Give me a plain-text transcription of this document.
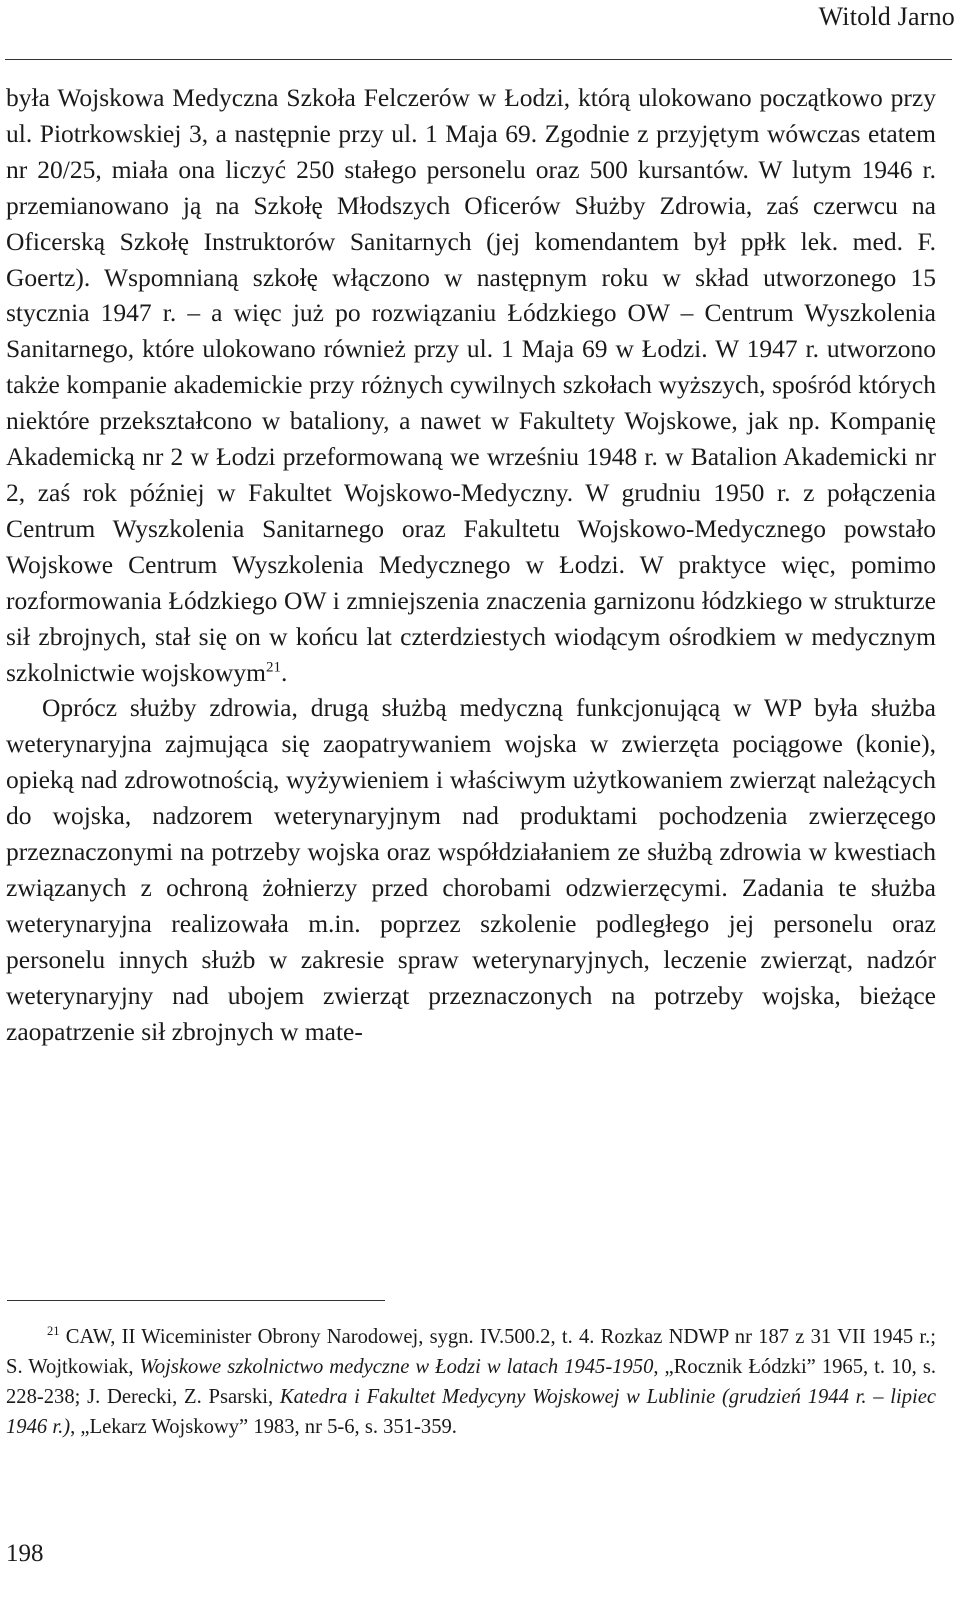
Witold Jarno

była Wojskowa Medyczna Szkoła Felczerów w Łodzi, którą ulokowano początkowo przy ul. Piotrkowskiej 3, a następnie przy ul. 1 Maja 69. Zgodnie z przyjętym wówczas etatem nr 20/25, miała ona liczyć 250 stałego personelu oraz 500 kursantów. W lutym 1946 r. przemianowano ją na Szkołę Młodszych Oficerów Służby Zdrowia, zaś czerwcu na Oficerską Szkołę Instruktorów Sanitarnych (jej komendantem był ppłk lek. med. F. Goertz). Wspomnianą szkołę włączono w następnym roku w skład utworzonego 15 stycznia 1947 r. – a więc już po rozwiązaniu Łódzkiego OW – Centrum Wyszkolenia Sanitarnego, które ulokowano również przy ul. 1 Maja 69 w Łodzi. W 1947 r. utworzono także kompanie akademickie przy różnych cywilnych szkołach wyższych, spośród których niektóre przekształcono w bataliony, a nawet w Fakultety Wojskowe, jak np. Kompanię Akademicką nr 2 w Łodzi przeformowaną we wrześniu 1948 r. w Batalion Akademicki nr 2, zaś rok później w Fakultet Wojskowo-Medyczny. W grudniu 1950 r. z połączenia Centrum Wyszkolenia Sanitarnego oraz Fakultetu Wojskowo-Medycznego powstało Wojskowe Centrum Wyszkolenia Medycznego w Łodzi. W praktyce więc, pomimo rozformowania Łódzkiego OW i zmniejszenia znaczenia garnizonu łódzkiego w strukturze sił zbrojnych, stał się on w końcu lat czterdziestych wiodącym ośrodkiem w medycznym szkolnictwie wojskowym$^{21}$.

Oprócz służby zdrowia, drugą służbą medyczną funkcjonującą w WP była służba weterynaryjna zajmująca się zaopatrywaniem wojska w zwierzęta pociągowe (konie), opieką nad zdrowotnością, wyżywieniem i właściwym użytkowaniem zwierząt należących do wojska, nadzorem weterynaryjnym nad produktami pochodzenia zwierzęcego przeznaczonymi na potrzeby wojska oraz współdziałaniem ze służbą zdrowia w kwestiach związanych z ochroną żołnierzy przed chorobami odzwierzęcymi. Zadania te służba weterynaryjna realizowała m.in. poprzez szkolenie podległego jej personelu oraz personelu innych służb w zakresie spraw weterynaryjnych, leczenie zwierząt, nadzór weterynaryjny nad ubojem zwierząt przeznaczonych na potrzeby wojska, bieżące zaopatrzenie sił zbrojnych w mate-

$^{21}$ CAW, II Wiceminister Obrony Narodowej, sygn. IV.500.2, t. 4. Rozkaz NDWP nr 187 z 31 VII 1945 r.; S. Wojtkowiak, Wojskowe szkolnictwo medyczne w Łodzi w latach 1945-1950, „Rocznik Łódzki” 1965, t. 10, s. 228-238; J. Derecki, Z. Psarski, Katedra i Fakultet Medycyny Wojskowej w Lublinie (grudzień 1944 r. – lipiec 1946 r.), „Lekarz Wojskowy” 1983, nr 5-6, s. 351-359.

198
